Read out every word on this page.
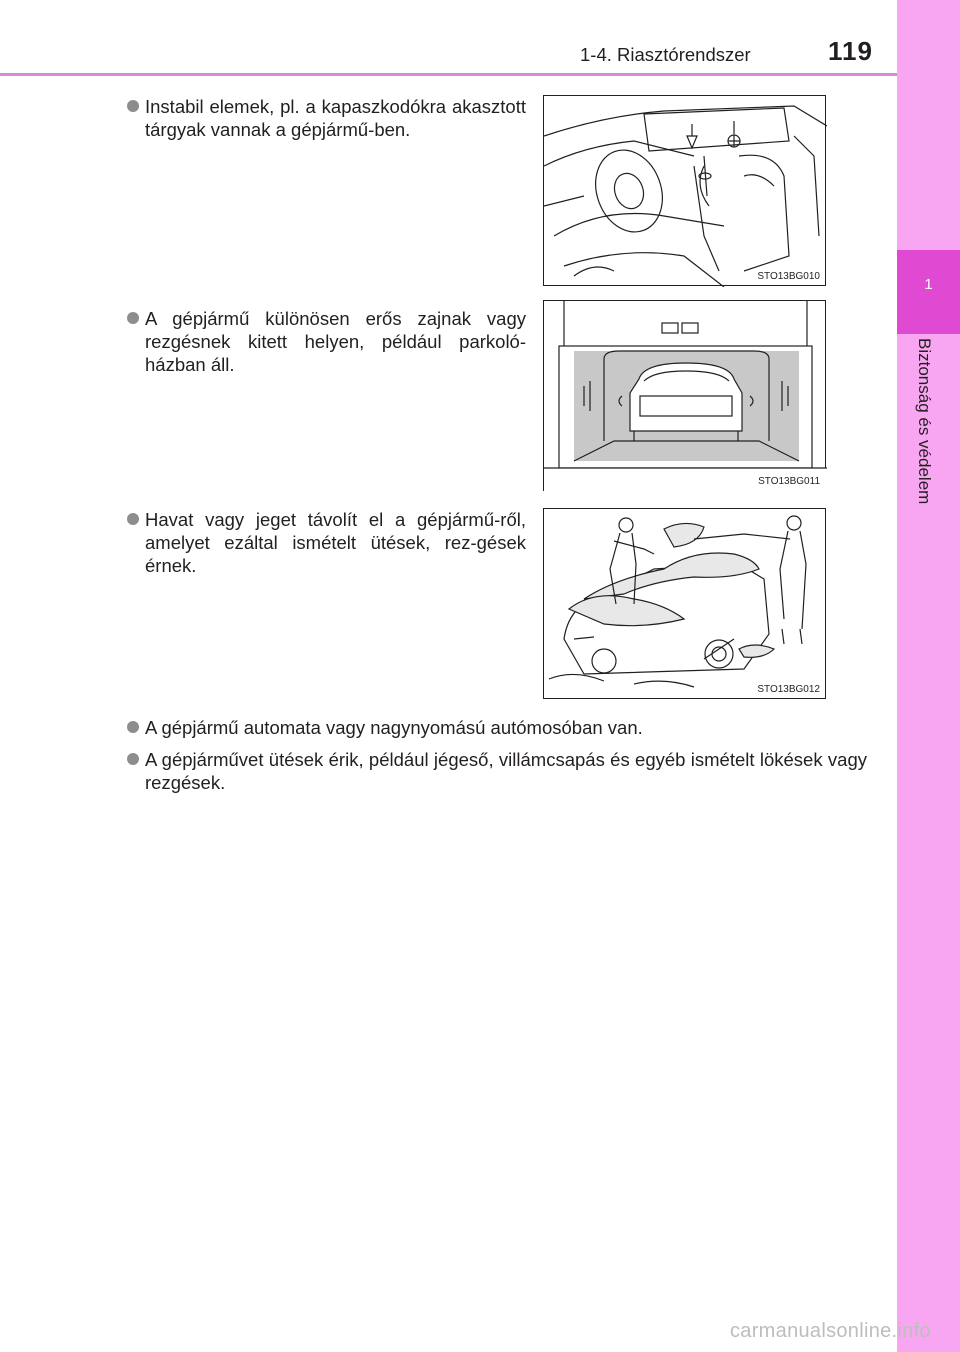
1-4. Riasztórendszer	119
1
Biztonság és védelem
Instabil elemek, pl. a kapaszkodókra akasztott tárgyak vannak a gépjármű-ben.
A gépjármű különösen erős zajnak vagy rezgésnek kitett helyen, például parkoló-házban áll.
Havat vagy jeget távolít el a gépjármű-ről, amelyet ezáltal ismételt ütések, rez-gések érnek.
A gépjármű automata vagy nagynyomású autómosóban van.
A gépjárművet ütések érik, például jégeső, villámcsapás és egyéb ismételt lökések vagy rezgések.
STO13BG010
STO13BG011
STO13BG012
carmanualsonline.info
